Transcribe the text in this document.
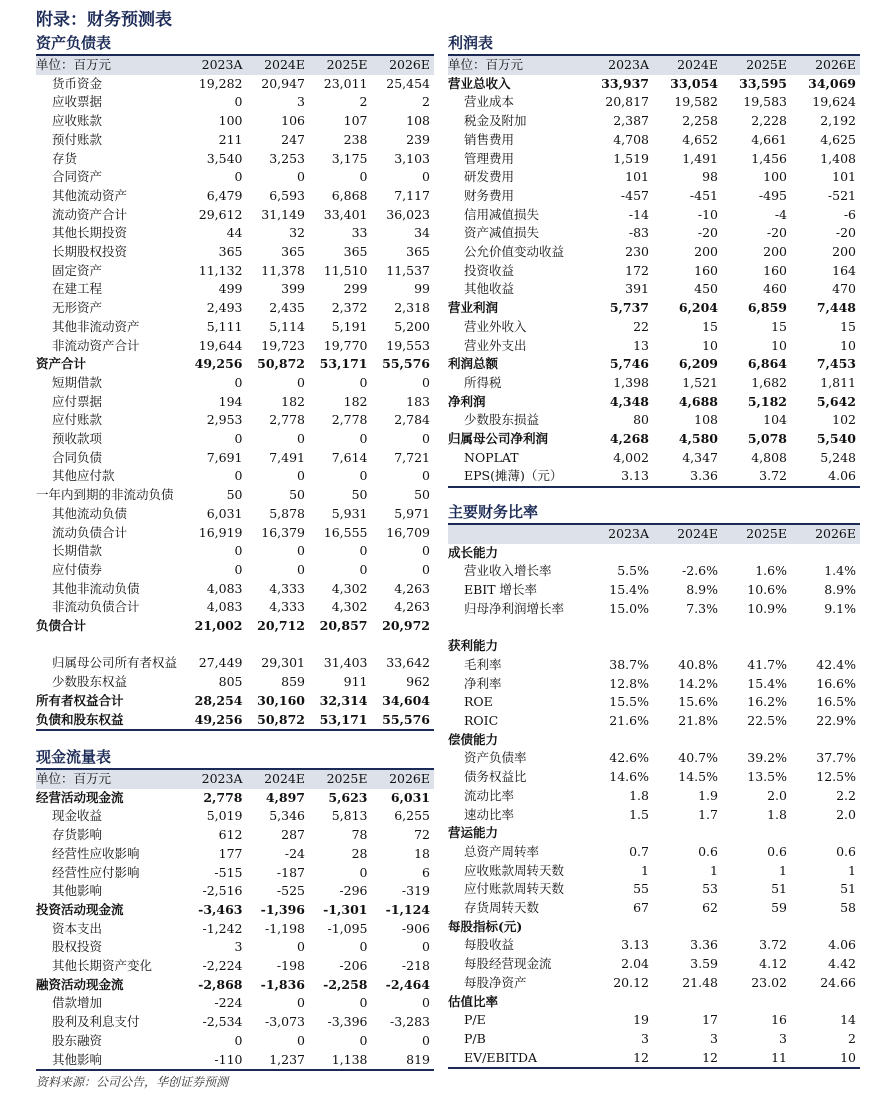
附录：财务预测表
资产负债表
单位：百万元	2023A	2024E	2025E	2026E
货币资金	19,282	20,947	23,011	25,454
应收票据	0	3	2	2
应收账款	100	106	107	108
预付账款	211	247	238	239
存货	3,540	3,253	3,175	3,103
合同资产	0	0	0	0
其他流动资产	6,479	6,593	6,868	7,117
流动资产合计	29,612	31,149	33,401	36,023
其他长期投资	44	32	33	34
长期股权投资	365	365	365	365
固定资产	11,132	11,378	11,510	11,537
在建工程	499	399	299	99
无形资产	2,493	2,435	2,372	2,318
其他非流动资产	5,111	5,114	5,191	5,200
非流动资产合计	19,644	19,723	19,770	19,553
资产合计	49,256	50,872	53,171	55,576
短期借款	0	0	0	0
应付票据	194	182	182	183
应付账款	2,953	2,778	2,778	2,784
预收款项	0	0	0	0
合同负债	7,691	7,491	7,614	7,721
其他应付款	0	0	0	0
一年内到期的非流动负债	50	50	50	50
其他流动负债	6,031	5,878	5,931	5,971
流动负债合计	16,919	16,379	16,555	16,709
长期借款	0	0	0	0
应付债券	0	0	0	0
其他非流动负债	4,083	4,333	4,302	4,263
非流动负债合计	4,083	4,333	4,302	4,263
负债合计	21,002	20,712	20,857	20,972
归属母公司所有者权益	27,449	29,301	31,403	33,642
少数股东权益	805	859	911	962
所有者权益合计	28,254	30,160	32,314	34,604
负债和股东权益	49,256	50,872	53,171	55,576
现金流量表
单位：百万元	2023A	2024E	2025E	2026E
经营活动现金流	2,778	4,897	5,623	6,031
现金收益	5,019	5,346	5,813	6,255
存货影响	612	287	78	72
经营性应收影响	177	-24	28	18
经营性应付影响	-515	-187	0	6
其他影响	-2,516	-525	-296	-319
投资活动现金流	-3,463	-1,396	-1,301	-1,124
资本支出	-1,242	-1,198	-1,095	-906
股权投资	3	0	0	0
其他长期资产变化	-2,224	-198	-206	-218
融资活动现金流	-2,868	-1,836	-2,258	-2,464
借款增加	-224	0	0	0
股利及利息支付	-2,534	-3,073	-3,396	-3,283
股东融资	0	0	0	0
其他影响	-110	1,237	1,138	819
利润表
单位：百万元	2023A	2024E	2025E	2026E
营业总收入	33,937	33,054	33,595	34,069
营业成本	20,817	19,582	19,583	19,624
税金及附加	2,387	2,258	2,228	2,192
销售费用	4,708	4,652	4,661	4,625
管理费用	1,519	1,491	1,456	1,408
研发费用	101	98	100	101
财务费用	-457	-451	-495	-521
信用减值损失	-14	-10	-4	-6
资产减值损失	-83	-20	-20	-20
公允价值变动收益	230	200	200	200
投资收益	172	160	160	164
其他收益	391	450	460	470
营业利润	5,737	6,204	6,859	7,448
营业外收入	22	15	15	15
营业外支出	13	10	10	10
利润总额	5,746	6,209	6,864	7,453
所得税	1,398	1,521	1,682	1,811
净利润	4,348	4,688	5,182	5,642
少数股东损益	80	108	104	102
归属母公司净利润	4,268	4,580	5,078	5,540
NOPLAT	4,002	4,347	4,808	5,248
EPS(摊薄)（元）	3.13	3.36	3.72	4.06
主要财务比率
	2023A	2024E	2025E	2026E
成长能力				
营业收入增长率	5.5%	-2.6%	1.6%	1.4%
EBIT 增长率	15.4%	8.9%	10.6%	8.9%
归母净利润增长率	15.0%	7.3%	10.9%	9.1%
获利能力				
毛利率	38.7%	40.8%	41.7%	42.4%
净利率	12.8%	14.2%	15.4%	16.6%
ROE	15.5%	15.6%	16.2%	16.5%
ROIC	21.6%	21.8%	22.5%	22.9%
偿债能力				
资产负债率	42.6%	40.7%	39.2%	37.7%
债务权益比	14.6%	14.5%	13.5%	12.5%
流动比率	1.8	1.9	2.0	2.2
速动比率	1.5	1.7	1.8	2.0
营运能力				
总资产周转率	0.7	0.6	0.6	0.6
应收账款周转天数	1	1	1	1
应付账款周转天数	55	53	51	51
存货周转天数	67	62	59	58
每股指标(元)				
每股收益	3.13	3.36	3.72	4.06
每股经营现金流	2.04	3.59	4.12	4.42
每股净资产	20.12	21.48	23.02	24.66
估值比率				
P/E	19	17	16	14
P/B	3	3	3	2
EV/EBITDA	12	12	11	10
资料来源：公司公告，华创证券预测
